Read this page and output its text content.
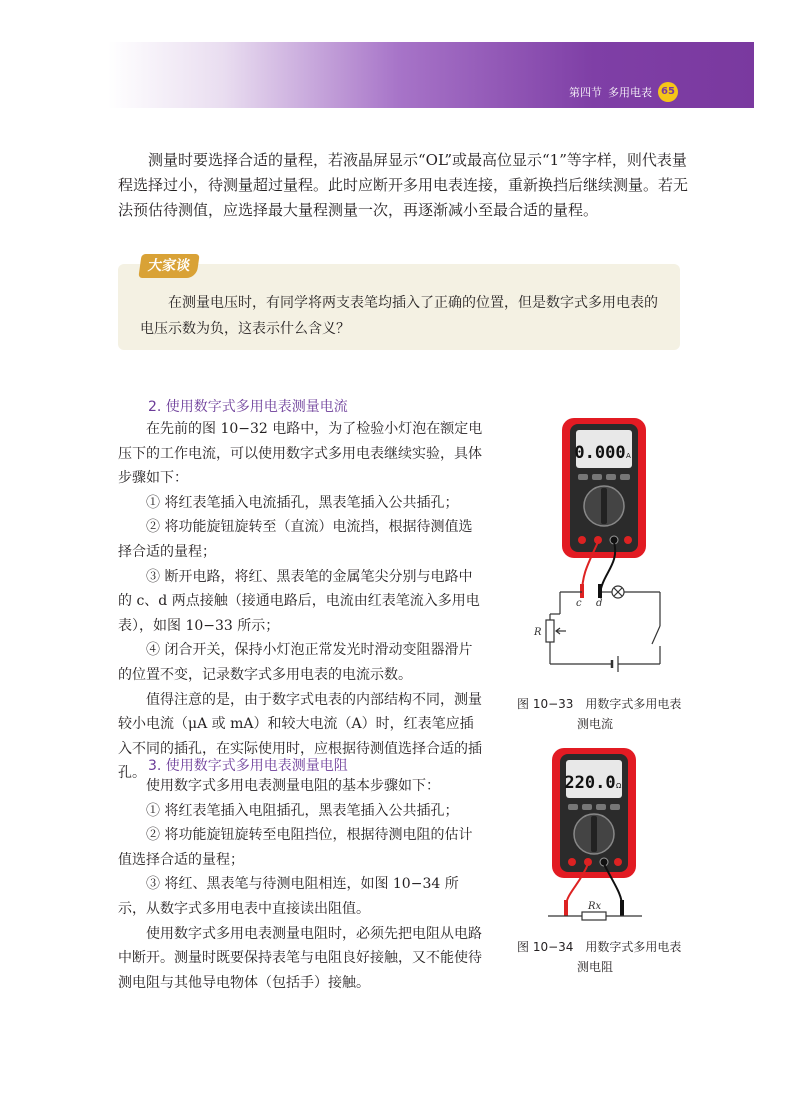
第四节 多用电表 65

测量时要选择合适的量程，若液晶屏显示“OL”或最高位显示“1”等字样，则代表量程选择过小，待测量超过量程。此时应断开多用电表连接，重新换挡后继续测量。若无法预估待测值，应选择最大量程测量一次，再逐渐减小至最合适的量程。

大家谈

在测量电压时，有同学将两支表笔均插入了正确的位置，但是数字式多用电表的电压示数为负，这表示什么含义？

2. 使用数字式多用电表测量电流

在先前的图 10−32 电路中，为了检验小灯泡在额定电压下的工作电流，可以使用数字式多用电表继续实验，具体步骤如下：

① 将红表笔插入电流插孔，黑表笔插入公共插孔；

② 将功能旋钮旋转至（直流）电流挡，根据待测值选择合适的量程；

③ 断开电路，将红、黑表笔的金属笔尖分别与电路中的 c、d 两点接触（接通电路后，电流由红表笔流入多用电表），如图 10−33 所示；

④ 闭合开关，保持小灯泡正常发光时滑动变阻器滑片的位置不变，记录数字式多用电表的电流示数。

值得注意的是，由于数字式电表的内部结构不同，测量较小电流（μA 或 mA）和较大电流（A）时，红表笔应插入不同的插孔，在实际使用时，应根据待测值选择合适的插孔。 3. 使用数字式多用电表测量电阻

使用数字式多用电表测量电阻的基本步骤如下：

① 将红表笔插入电阻插孔，黑表笔插入公共插孔；

② 将功能旋钮旋转至电阻挡位，根据待测电阻的估计值选择合适的量程；

③ 将红、黑表笔与待测电阻相连，如图 10−34 所示，从数字式多用电表中直接读出阻值。

使用数字式多用电表测量电阻时，必须先把电阻从电路中断开。测量时既要保持表笔与电阻良好接触，又不能使待测电阻与其他导电物体（包括手）接触。

0.000 A
c d
R
图 10−33　用数字式多用电表
测电流
220.0 Ω
Rx
图 10−34　用数字式多用电表
测电阻
